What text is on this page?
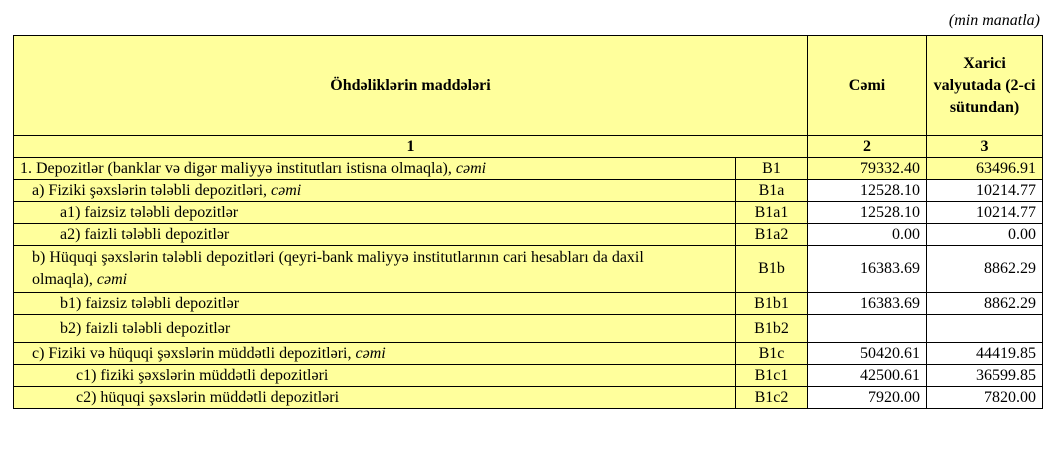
(min manatla)
Öhdəliklərin maddələri		Cəmi	Xarici valyutada (2-ci sütundan)
1		2	3
1. Depozitlər (banklar və digər maliyyə institutları istisna olmaqla), cəmi	B1	79332.40	63496.91
a) Fiziki şəxslərin tələbli depozitləri, cəmi	B1a	12528.10	10214.77
a1) faizsiz tələbli depozitlər	B1a1	12528.10	10214.77
a2) faizli tələbli depozitlər	B1a2	0.00	0.00
b) Hüquqi şəxslərin tələbli depozitləri (qeyri-bank maliyyə institutlarının cari hesabları da daxil olmaqla), cəmi	B1b	16383.69	8862.29
b1) faizsiz tələbli depozitlər	B1b1	16383.69	8862.29
b2) faizli tələbli depozitlər	B1b2		
c) Fiziki və hüquqi şəxslərin müddətli depozitləri, cəmi	B1c	50420.61	44419.85
c1) fiziki şəxslərin müddətli depozitləri	B1c1	42500.61	36599.85
c2) hüquqi şəxslərin müddətli depozitləri	B1c2	7920.00	7820.00
